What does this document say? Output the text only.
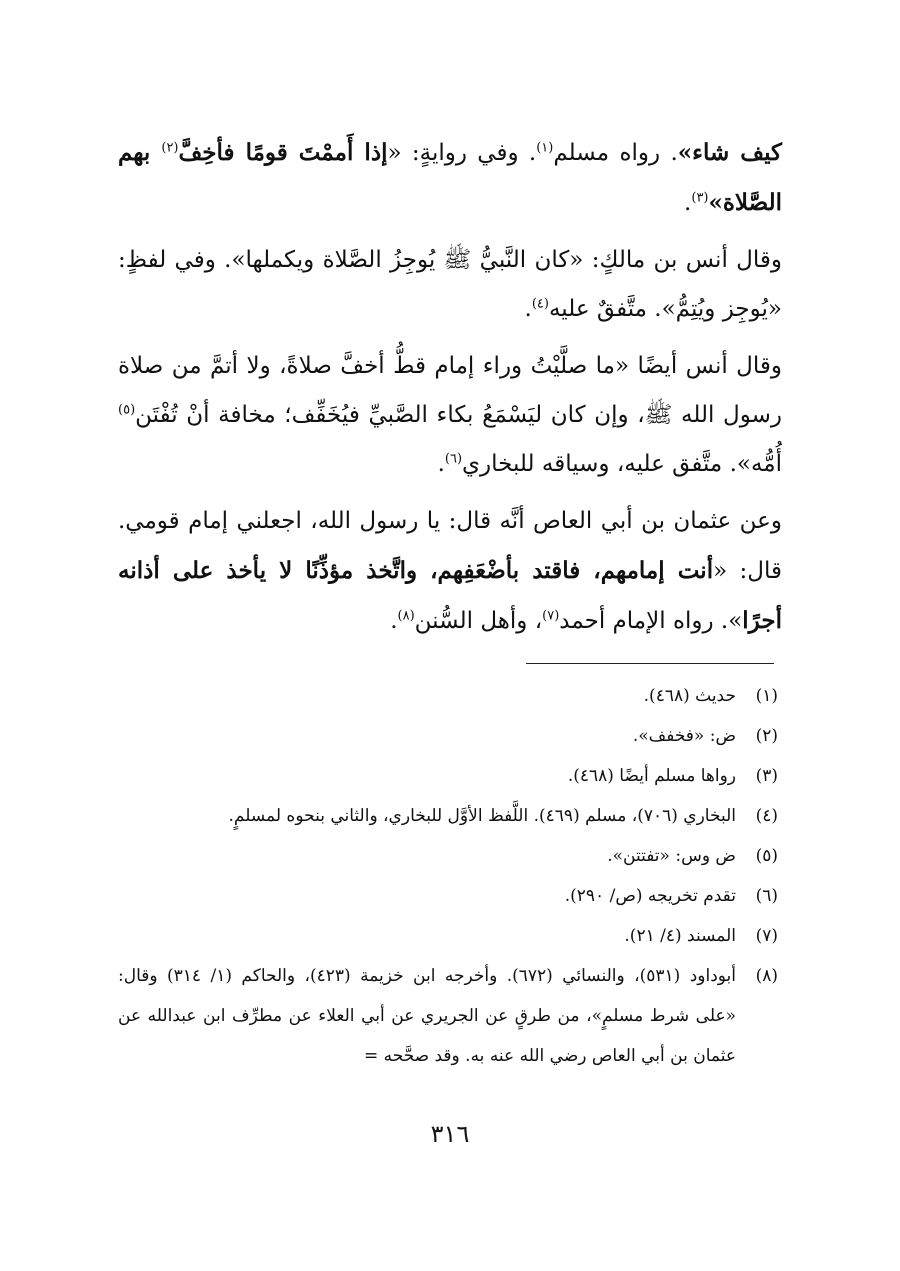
كيف شاء». رواه مسلم$^{(١)}$. وفي روايةٍ: «إذا أَممْتَ قومًا فأخِفَّ$^{(٢)}$ بهم الصَّلاة»$^{(٣)}$.

وقال أنس بن مالكٍ: «كان النَّبيُّ ﷺ يُوجِزُ الصَّلاة ويكملها». وفي لفظٍ: «يُوجِز ويُتِمُّ». متَّفقٌ عليه$^{(٤)}$.

وقال أنس أيضًا «ما صلَّيْتُ وراء إمام قطُّ أخفَّ صلاةً، ولا أتمَّ من صلاة رسول الله ﷺ، وإن كان ليَسْمَعُ بكاء الصَّبيِّ فيُخَفِّف؛ مخافة أنْ تُفْتَن$^{(٥)}$ أُمُّه». متَّفق عليه، وسياقه للبخاري$^{(٦)}$.

وعن عثمان بن أبي العاص أنَّه قال: يا رسول الله، اجعلني إمام قومي. قال: «أنت إمامهم، فاقتد بأضْعَفِهم، واتَّخذ مؤذِّنًا لا يأخذ على أذانه أجرًا». رواه الإمام أحمد$^{(٧)}$، وأهل السُّنن$^{(٨)}$.

(١)
حديث (٤٦٨).
(٢)
ض: «فخفف».
(٣)
رواها مسلم أيضًا (٤٦٨).
(٤)
البخاري (٧٠٦)، مسلم (٤٦٩). اللَّفظ الأوَّل للبخاري، والثاني بنحوه لمسلمٍ.
(٥)
ض وس: «تفتتن».
(٦)
تقدم تخريجه (ص/ ٢٩٠).
(٧)
المسند (٤/ ٢١).
(٨)
أبوداود (٥٣١)، والنسائي (٦٧٢). وأخرجه ابن خزيمة (٤٢٣)، والحاكم (١/ ٣١٤) وقال: «على شرط مسلمٍ»، من طرقٍ عن الجريري عن أبي العلاء عن مطرِّف ابن عبدالله عن عثمان بن أبي العاص رضي الله عنه به. وقد صحَّحه =
٣١٦
